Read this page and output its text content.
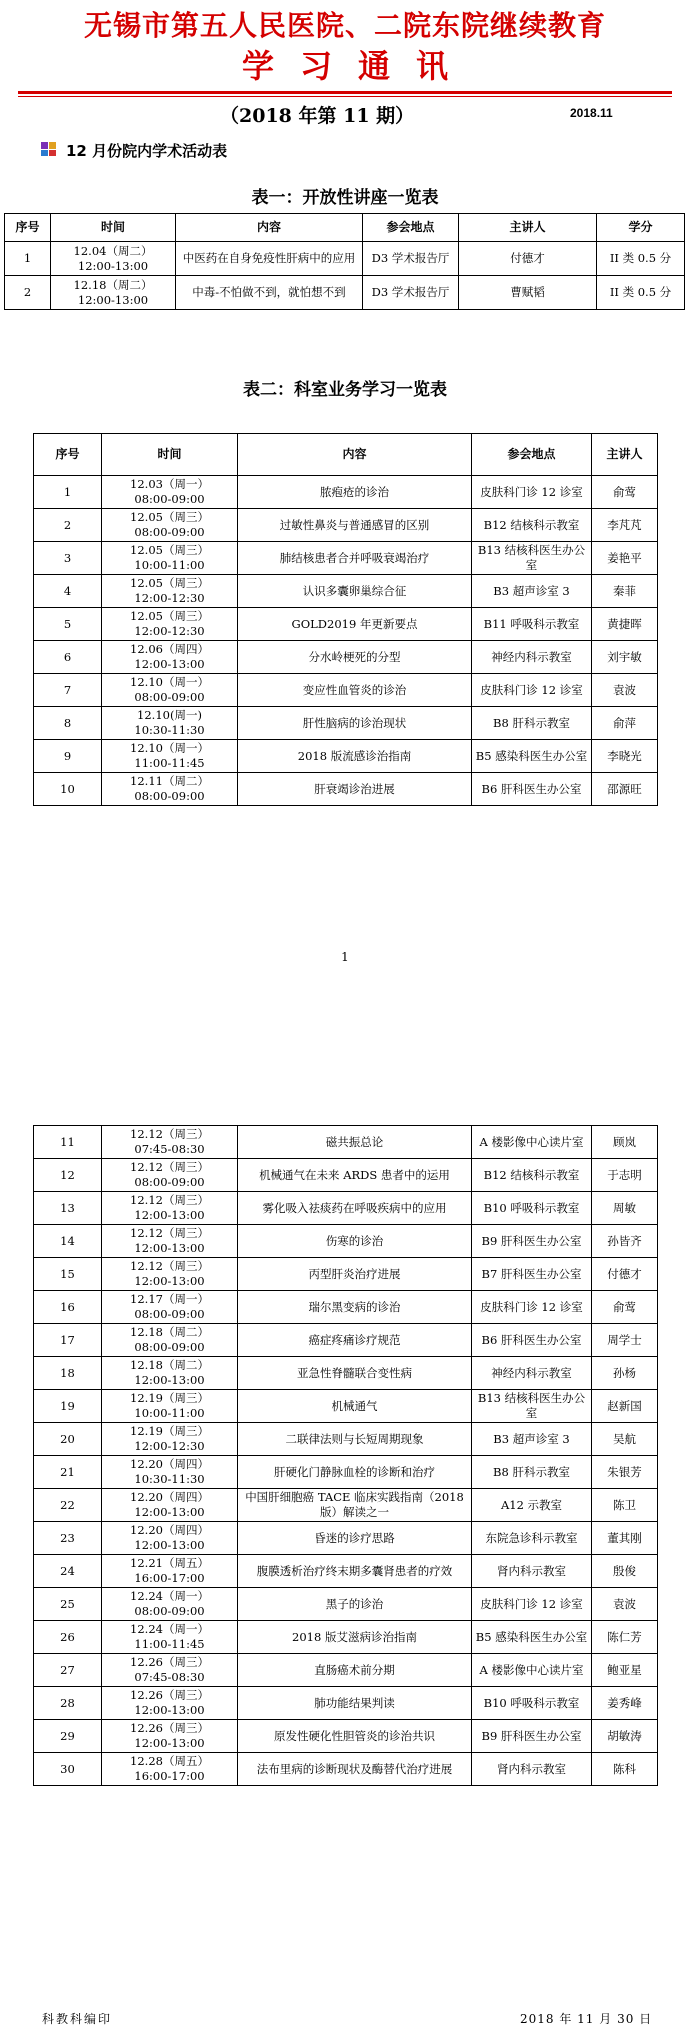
无锡市第五人民医院、二院东院继续教育
学习通讯
（2018 年第 11 期）	2018.11
12 月份院内学术活动表
表一：开放性讲座一览表
序号	时间	内容	参会地点	主讲人	学分
1	12.04（周二）
12:00-13:00	中医药在自身免疫性肝病中的应用	D3 学术报告厅	付德才	II 类 0.5 分
2	12.18（周二）
12:00-13:00	中毒-不怕做不到，就怕想不到	D3 学术报告厅	曹赋韬	II 类 0.5 分
表二：科室业务学习一览表
序号	时间	内容	参会地点	主讲人
1	12.03（周一）
08:00-09:00	脓疱疮的诊治	皮肤科门诊 12 诊室	俞莺
2	12.05（周三）
08:00-09:00	过敏性鼻炎与普通感冒的区别	B12 结核科示教室	李芃芃
3	12.05（周三）
10:00-11:00	肺结核患者合并呼吸衰竭治疗	B13 结核科医生办公室	姜艳平
4	12.05（周三）
12:00-12:30	认识多囊卵巢综合征	B3 超声诊室 3	秦菲
5	12.05（周三）
12:00-12:30	GOLD2019 年更新要点	B11 呼吸科示教室	黄捷晖
6	12.06（周四）
12:00-13:00	分水岭梗死的分型	神经内科示教室	刘宇敏
7	12.10（周一）
08:00-09:00	变应性血管炎的诊治	皮肤科门诊 12 诊室	袁波
8	12.10(周一)
10:30-11:30	肝性脑病的诊治现状	B8 肝科示教室	俞萍
9	12.10（周一）
11:00-11:45	2018 版流感诊治指南	B5 感染科医生办公室	李晓光
10	12.11（周二）
08:00-09:00	肝衰竭诊治进展	B6 肝科医生办公室	邵源旺
1
11	12.12（周三）
07:45-08:30	磁共振总论	A 楼影像中心读片室	顾岚
12	12.12（周三）
08:00-09:00	机械通气在未来 ARDS 患者中的运用	B12 结核科示教室	于志明
13	12.12（周三）
12:00-13:00	雾化吸入祛痰药在呼吸疾病中的应用	B10 呼吸科示教室	周敏
14	12.12（周三）
12:00-13:00	伤寒的诊治	B9 肝科医生办公室	孙皆齐
15	12.12（周三）
12:00-13:00	丙型肝炎治疗进展	B7 肝科医生办公室	付德才
16	12.17（周一）
08:00-09:00	瑞尔黑变病的诊治	皮肤科门诊 12 诊室	俞莺
17	12.18（周二）
08:00-09:00	癌症疼痛诊疗规范	B6 肝科医生办公室	周学士
18	12.18（周二）
12:00-13:00	亚急性脊髓联合变性病	神经内科示教室	孙杨
19	12.19（周三）
10:00-11:00	机械通气	B13 结核科医生办公室	赵新国
20	12.19（周三）
12:00-12:30	二联律法则与长短周期现象	B3 超声诊室 3	吴航
21	12.20（周四）
10:30-11:30	肝硬化门静脉血栓的诊断和治疗	B8 肝科示教室	朱银芳
22	12.20（周四）
12:00-13:00	中国肝细胞癌 TACE 临床实践指南（2018 版）解读之一	A12 示教室	陈卫
23	12.20（周四）
12:00-13:00	昏迷的诊疗思路	东院急诊科示教室	董其刚
24	12.21（周五）
16:00-17:00	腹膜透析治疗终末期多囊肾患者的疗效	肾内科示教室	殷俊
25	12.24（周一）
08:00-09:00	黑子的诊治	皮肤科门诊 12 诊室	袁波
26	12.24（周一）
11:00-11:45	2018 版艾滋病诊治指南	B5 感染科医生办公室	陈仁芳
27	12.26（周三）
07:45-08:30	直肠癌术前分期	A 楼影像中心读片室	鲍亚星
28	12.26（周三）
12:00-13:00	肺功能结果判读	B10 呼吸科示教室	姜秀峰
29	12.26（周三）
12:00-13:00	原发性硬化性胆管炎的诊治共识	B9 肝科医生办公室	胡敏涛
30	12.28（周五）
16:00-17:00	法布里病的诊断现状及酶替代治疗进展	肾内科示教室	陈科
科教科编印	2018 年 11 月 30 日
